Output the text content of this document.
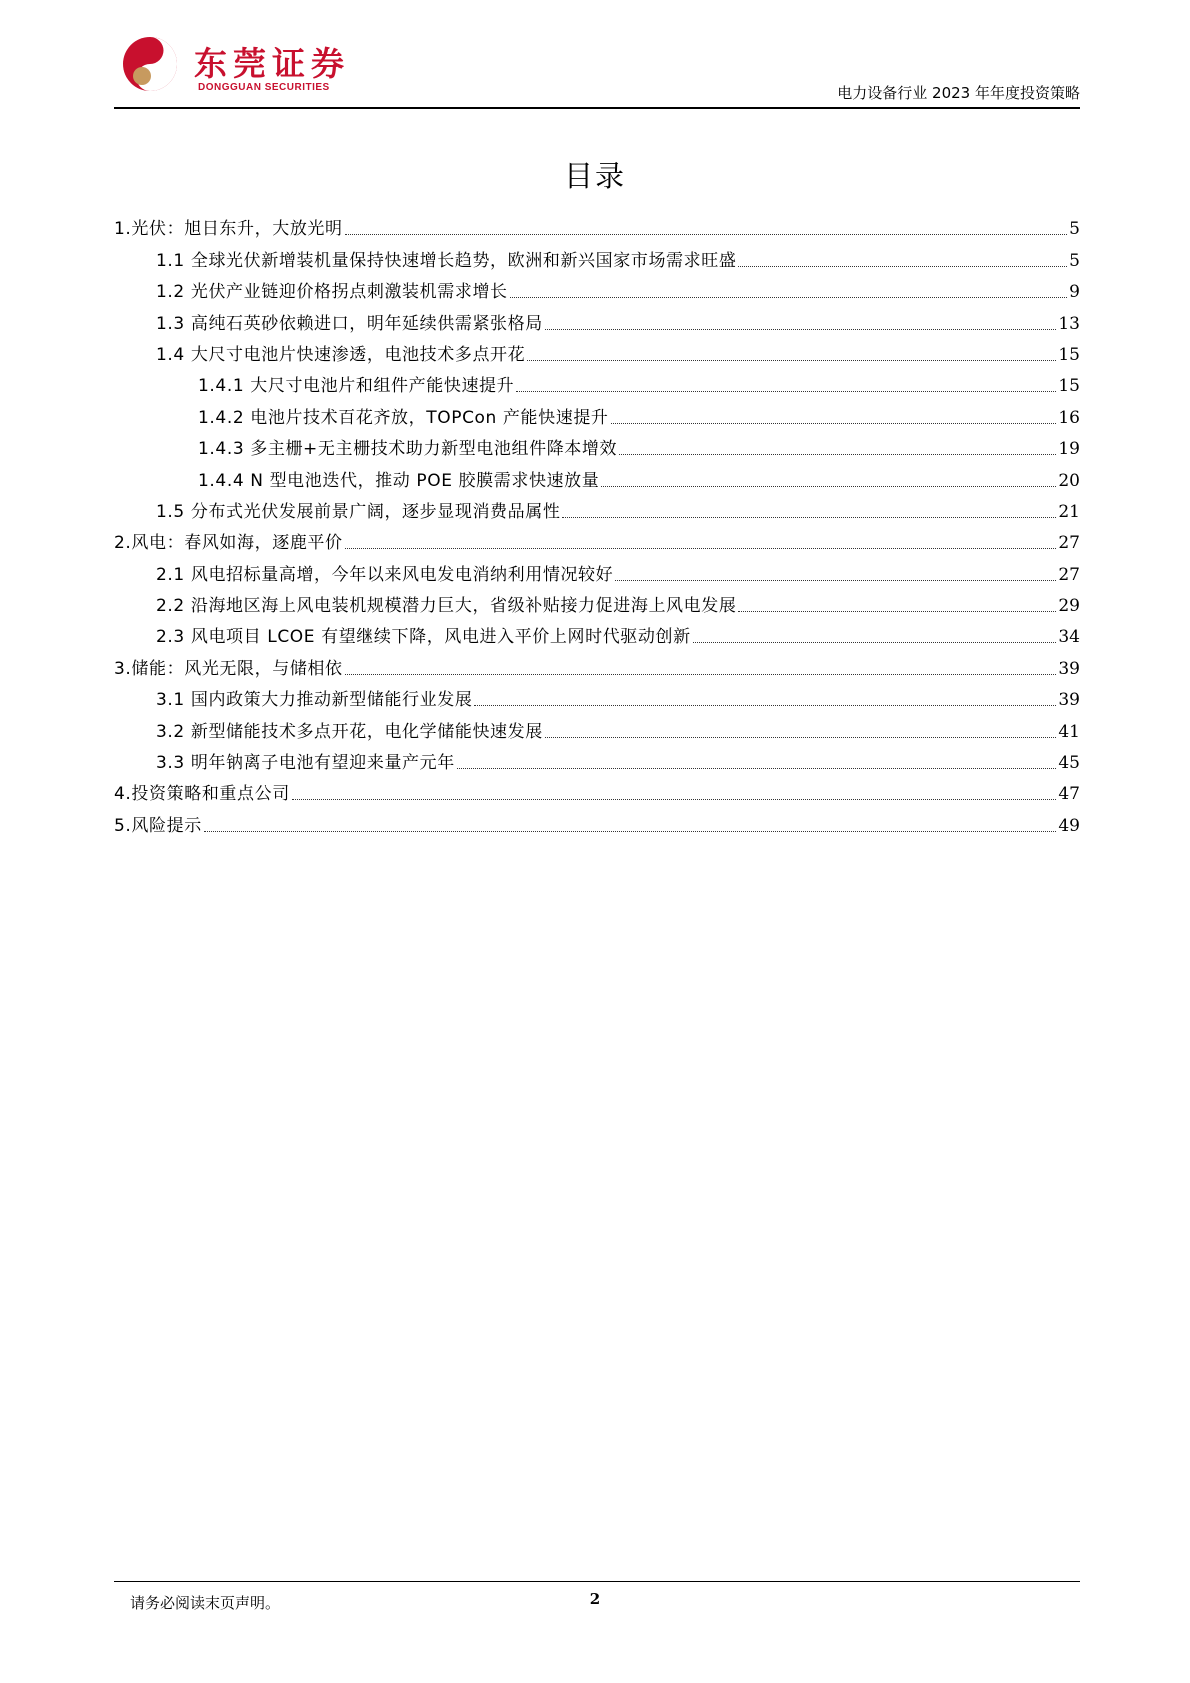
东莞证券
DONGGUAN SECURITIES	电力设备行业 2023 年年度投资策略
目录
1.光伏：旭日东升，大放光明	5
1.1 全球光伏新增装机量保持快速增长趋势，欧洲和新兴国家市场需求旺盛	5
1.2 光伏产业链迎价格拐点刺激装机需求增长	9
1.3 高纯石英砂依赖进口，明年延续供需紧张格局	13
1.4 大尺寸电池片快速渗透，电池技术多点开花	15
1.4.1 大尺寸电池片和组件产能快速提升	15
1.4.2 电池片技术百花齐放，TOPCon 产能快速提升	16
1.4.3 多主栅+无主栅技术助力新型电池组件降本增效	19
1.4.4 N 型电池迭代，推动 POE 胶膜需求快速放量	20
1.5 分布式光伏发展前景广阔，逐步显现消费品属性	21
2.风电：春风如海，逐鹿平价	27
2.1 风电招标量高增，今年以来风电发电消纳利用情况较好	27
2.2 沿海地区海上风电装机规模潜力巨大，省级补贴接力促进海上风电发展	29
2.3 风电项目 LCOE 有望继续下降，风电进入平价上网时代驱动创新	34
3.储能：风光无限，与储相依	39
3.1 国内政策大力推动新型储能行业发展	39
3.2 新型储能技术多点开花，电化学储能快速发展	41
3.3 明年钠离子电池有望迎来量产元年	45
4.投资策略和重点公司	47
5.风险提示	49
请务必阅读末页声明。	2
